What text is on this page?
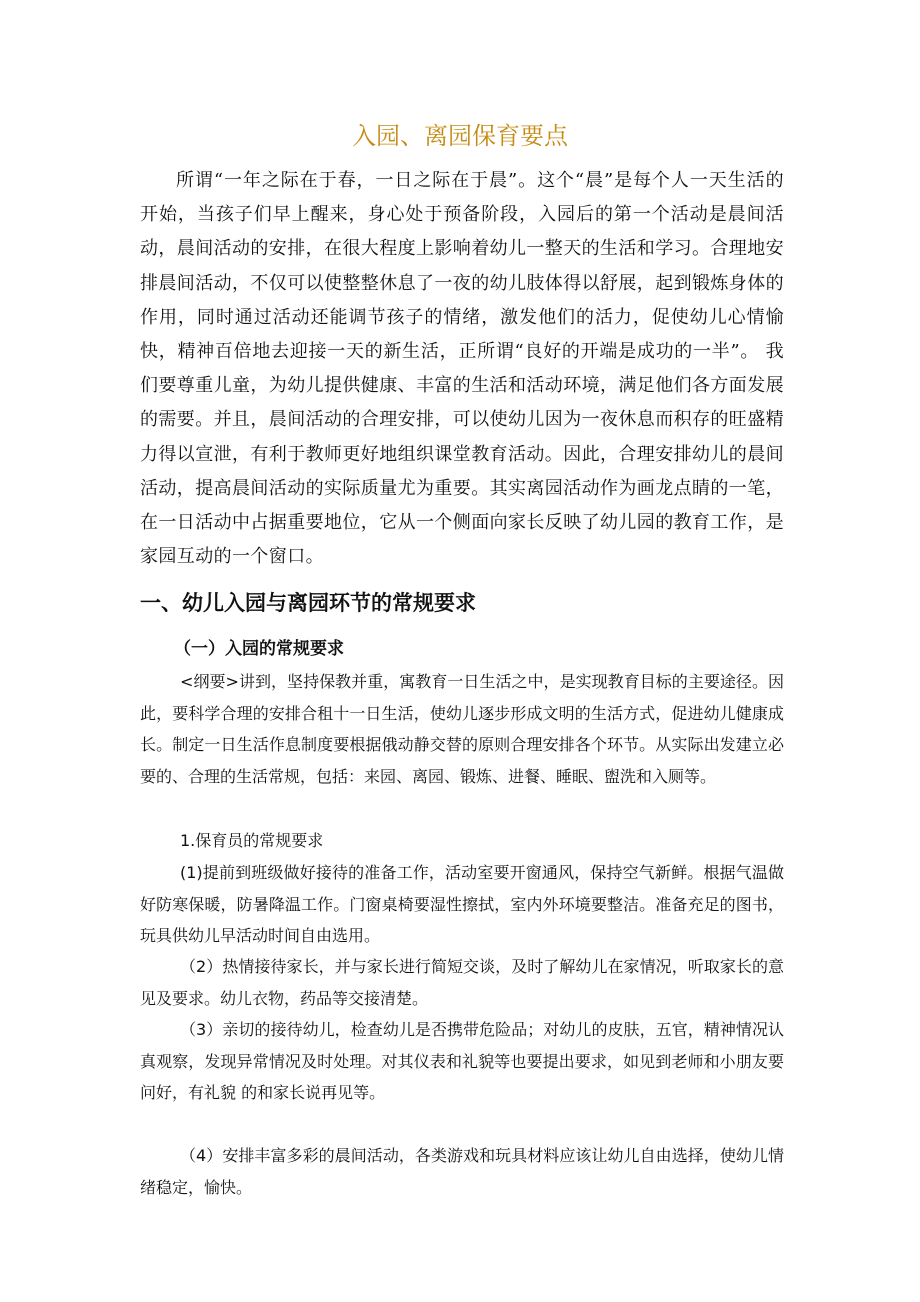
入园、离园保育要点

所谓“一年之际在于春，一日之际在于晨”。这个“晨”是每个人一天生活的开始，当孩子们早上醒来，身心处于预备阶段，入园后的第一个活动是晨间活动，晨间活动的安排，在很大程度上影响着幼儿一整天的生活和学习。合理地安排晨间活动，不仅可以使整整休息了一夜的幼儿肢体得以舒展，起到锻炼身体的作用，同时通过活动还能调节孩子的情绪，激发他们的活力，促使幼儿心情愉快，精神百倍地去迎接一天的新生活，正所谓“良好的开端是成功的一半”。 我们要尊重儿童，为幼儿提供健康、丰富的生活和活动环境，满足他们各方面发展的需要。并且，晨间活动的合理安排，可以使幼儿因为一夜休息而积存的旺盛精力得以宣泄，有利于教师更好地组织课堂教育活动。因此，合理安排幼儿的晨间活动，提高晨间活动的实际质量尤为重要。其实离园活动作为画龙点睛的一笔，在一日活动中占据重要地位，它从一个侧面向家长反映了幼儿园的教育工作，是家园互动的一个窗口。

一、幼儿入园与离园环节的常规要求
（一）入园的常规要求

<纲要>讲到，坚持保教并重，寓教育一日生活之中，是实现教育目标的主要途径。因此，要科学合理的安排合租十一日生活，使幼儿逐步形成文明的生活方式，促进幼儿健康成长。制定一日生活作息制度要根据俄动静交替的原则合理安排各个环节。从实际出发建立必要的、合理的生活常规，包括：来园、离园、锻炼、进餐、睡眠、盥洗和入厕等。

1.保育员的常规要求

(1)提前到班级做好接待的准备工作，活动室要开窗通风，保持空气新鲜。根据气温做好防寒保暖，防暑降温工作。门窗桌椅要湿性擦拭，室内外环境要整洁。准备充足的图书，玩具供幼儿早活动时间自由选用。

（2）热情接待家长，并与家长进行简短交谈，及时了解幼儿在家情况，听取家长的意见及要求。幼儿衣物，药品等交接清楚。

（3）亲切的接待幼儿，检查幼儿是否携带危险品；对幼儿的皮肤，五官，精神情况认真观察，发现异常情况及时处理。对其仪表和礼貌等也要提出要求，如见到老师和小朋友要问好，有礼貌 的和家长说再见等。

（4）安排丰富多彩的晨间活动，各类游戏和玩具材料应该让幼儿自由选择，使幼儿情绪稳定，愉快。
